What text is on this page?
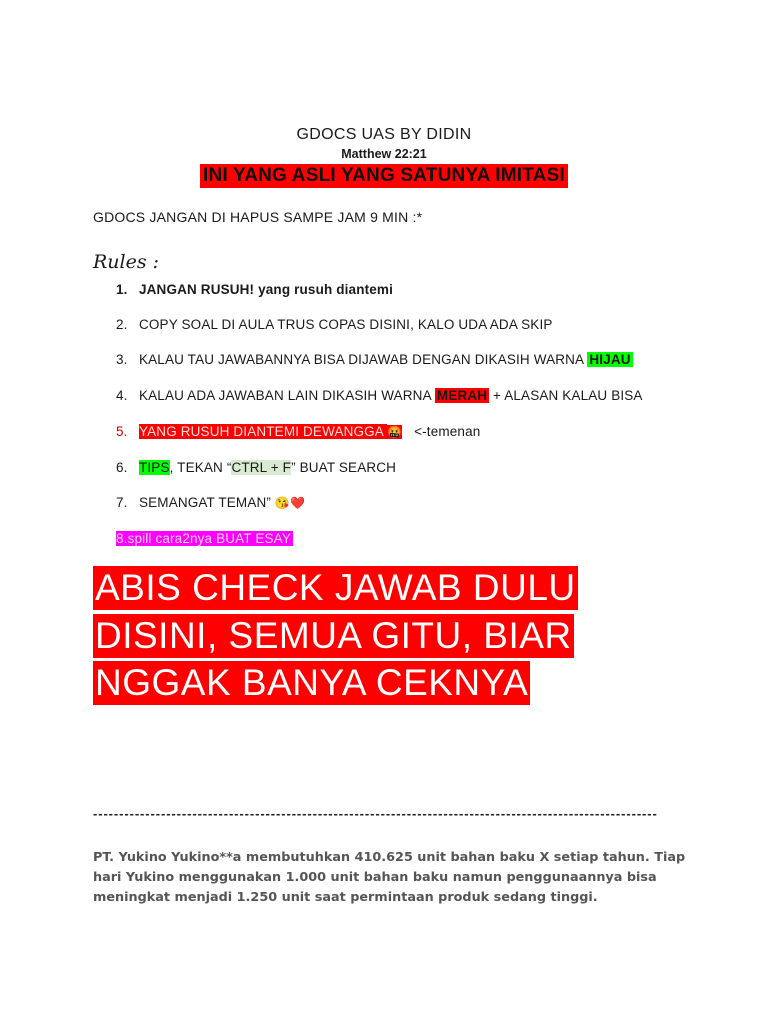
GDOCS UAS BY DIDIN
Matthew 22:21
INI YANG ASLI YANG SATUNYA IMITASI
GDOCS JANGAN DI HAPUS SAMPE JAM 9 MIN :*
Rules :
1. JANGAN RUSUH! yang rusuh diantemi
2. COPY SOAL DI AULA TRUS COPAS DISINI, KALO UDA ADA SKIP
3. KALAU TAU JAWABANNYA BISA DIJAWAB DENGAN DIKASIH WARNA HIJAU
4. KALAU ADA JAWABAN LAIN DIKASIH WARNA MERAH + ALASAN KALAU BISA
5. YANG RUSUH DIANTEMI DEWANGGA 🤬 <-temenan
6. TIPS, TEKAN “CTRL + F” BUAT SEARCH
7. SEMANGAT TEMAN” 😘❤️
8.spill cara2nya BUAT ESAY
ABIS CHECK JAWAB DULU
DISINI, SEMUA GITU, BIAR
NGGAK BANYA CEKNYA
------------------------------------------------------------------------------------------------------------
PT. Yukino Yukino**a membutuhkan 410.625 unit bahan baku X setiap tahun. Tiap hari Yukino menggunakan 1.000 unit bahan baku namun penggunaannya bisa meningkat menjadi 1.250 unit saat permintaan produk sedang tinggi.
